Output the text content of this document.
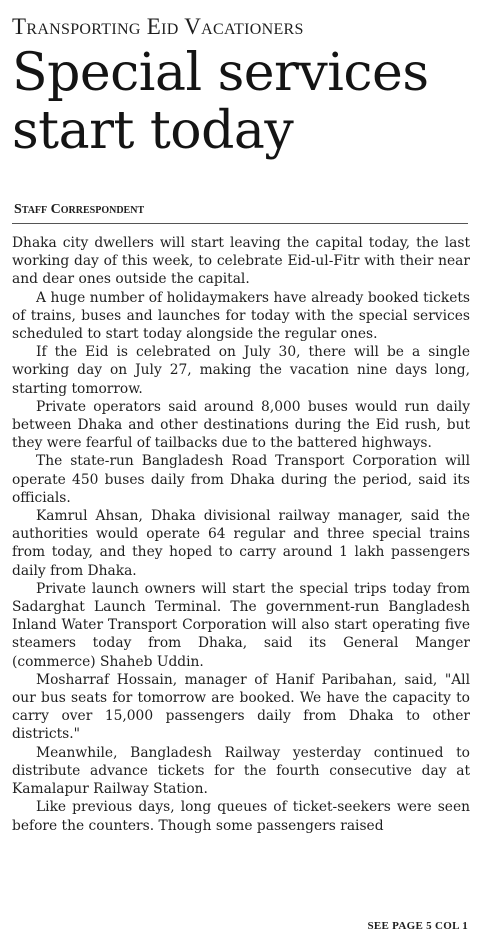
Transporting Eid Vacationers
Special services start today
Staff Correspondent

Dhaka city dwellers will start leaving the capital today, the last working day of this week, to celebrate Eid-ul-Fitr with their near and dear ones outside the capital.

A huge number of holidaymakers have already booked tickets of trains, buses and launches for today with the special services scheduled to start today alongside the regular ones.

If the Eid is celebrated on July 30, there will be a single working day on July 27, making the vacation nine days long, starting tomorrow.

Private operators said around 8,000 buses would run daily between Dhaka and other destinations during the Eid rush, but they were fearful of tailbacks due to the battered highways.

The state-run Bangladesh Road Transport Corporation will operate 450 buses daily from Dhaka during the period, said its officials.

Kamrul Ahsan, Dhaka divisional railway manager, said the authorities would operate 64 regular and three special trains from today, and they hoped to carry around 1 lakh passengers daily from Dhaka.

Private launch owners will start the special trips today from Sadarghat Launch Terminal. The government-run Bangladesh Inland Water Transport Corporation will also start operating five steamers today from Dhaka, said its General Manger (commerce) Shaheb Uddin.

Mosharraf Hossain, manager of Hanif Paribahan, said, "All our bus seats for tomorrow are booked. We have the capacity to carry over 15,000 passengers daily from Dhaka to other districts."

Meanwhile, Bangladesh Railway yesterday continued to distribute advance tickets for the fourth consecutive day at Kamalapur Railway Station.

Like previous days, long queues of ticket-seekers were seen before the counters. Though some passengers raised

SEE PAGE 5 COL 1
